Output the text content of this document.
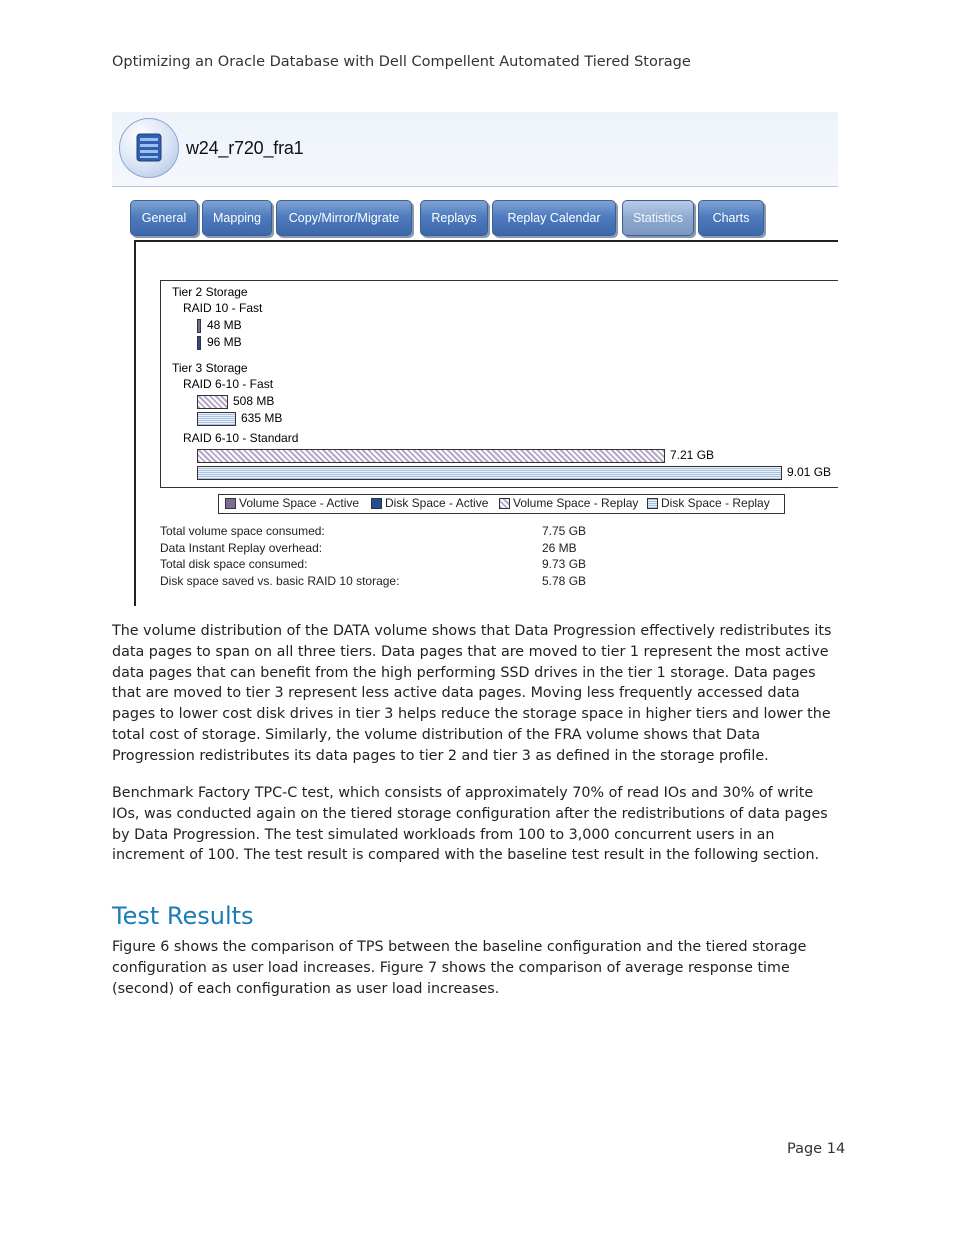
Optimizing an Oracle Database with Dell Compellent Automated Tiered Storage
w24_r720_fra1
General	Mapping	Copy/Mirror/Migrate	Replays	Replay Calendar	Statistics	Charts
Tier 2 Storage
RAID 10 - Fast
48 MB
96 MB
Tier 3 Storage
RAID 6-10 - Fast
508 MB
635 MB
RAID 6-10 - Standard
7.21 GB
9.01 GB
Volume Space - Active Disk Space - Active Volume Space - Replay Disk Space - Replay
Total volume space consumed:	7.75 GB
Data Instant Replay overhead:	26 MB
Total disk space consumed:	9.73 GB
Disk space saved vs. basic RAID 10 storage:	5.78 GB

The volume distribution of the DATA volume shows that Data Progression effectively redistributes its data pages to span on all three tiers. Data pages that are moved to tier 1 represent the most active data pages that can benefit from the high performing SSD drives in the tier 1 storage. Data pages that are moved to tier 3 represent less active data pages. Moving less frequently accessed data pages to lower cost disk drives in tier 3 helps reduce the storage space in higher tiers and lower the total cost of storage. Similarly, the volume distribution of the FRA volume shows that Data Progression redistributes its data pages to tier 2 and tier 3 as defined in the storage profile.

Benchmark Factory TPC-C test, which consists of approximately 70% of read IOs and 30% of write IOs, was conducted again on the tiered storage configuration after the redistributions of data pages by Data Progression. The test simulated workloads from 100 to 3,000 concurrent users in an increment of 100. The test result is compared with the baseline test result in the following section.

Test Results

Figure 6 shows the comparison of TPS between the baseline configuration and the tiered storage configuration as user load increases. Figure 7 shows the comparison of average response time (second) of each configuration as user load increases.

Page 14
